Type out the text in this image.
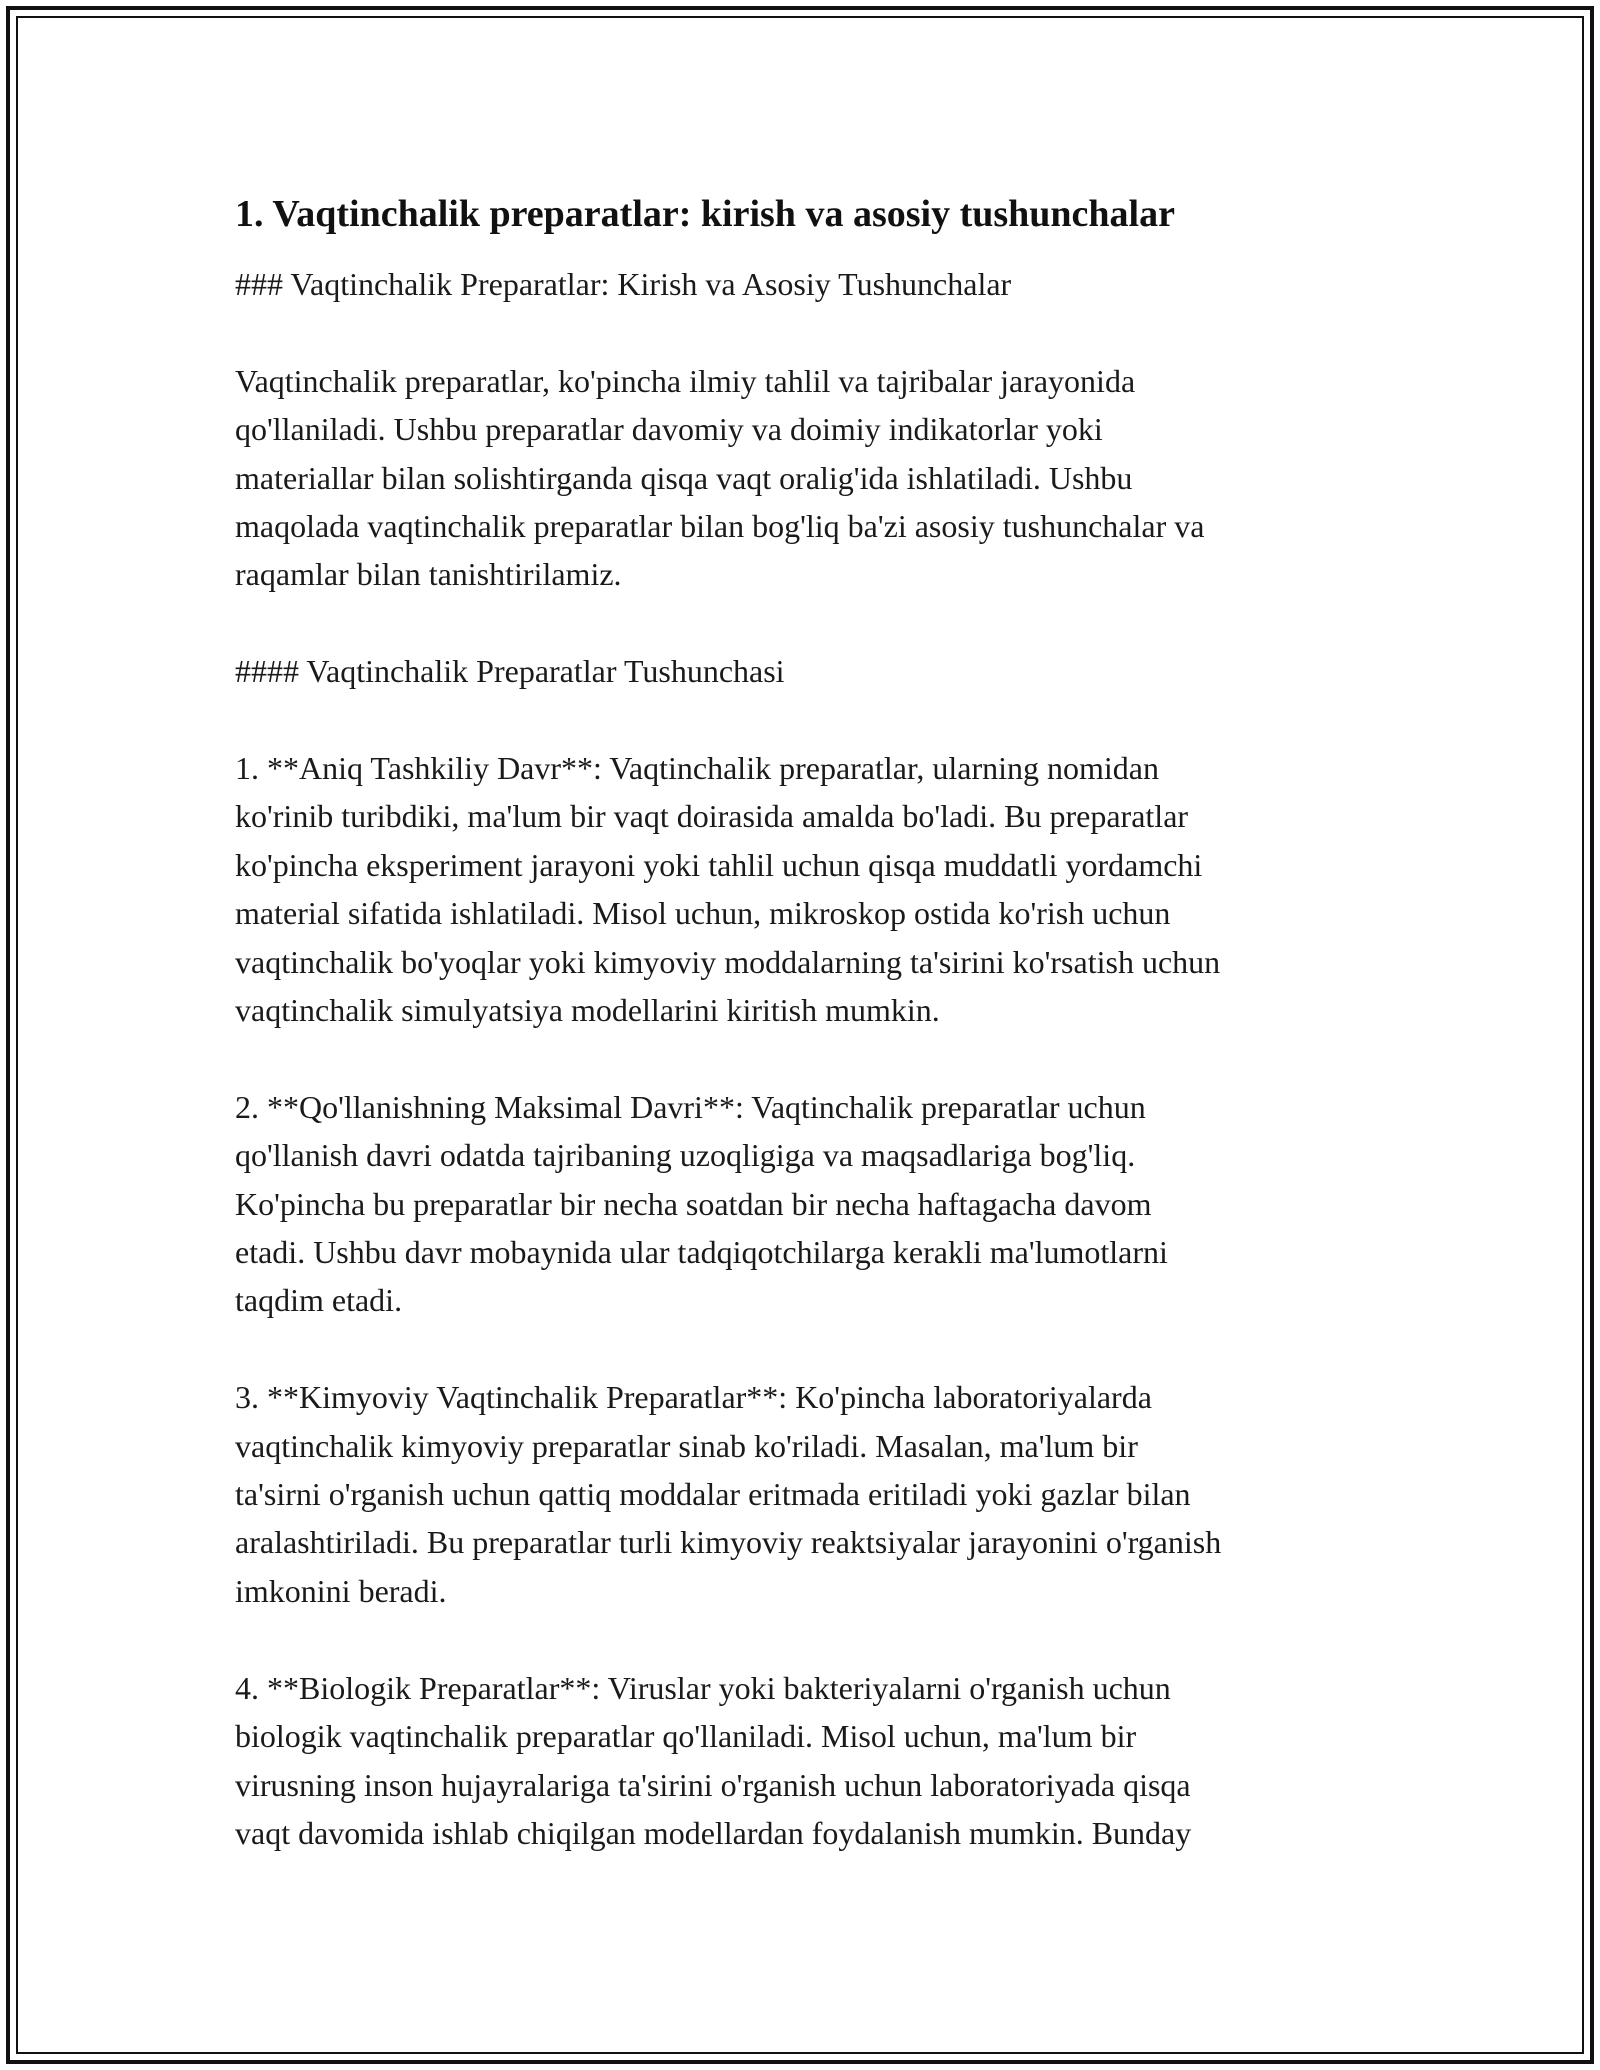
1. Vaqtinchalik preparatlar: kirish va asosiy tushunchalar

### Vaqtinchalik Preparatlar: Kirish va Asosiy Tushunchalar

Vaqtinchalik preparatlar, ko'pincha ilmiy tahlil va tajribalar jarayonida
qo'llaniladi. Ushbu preparatlar davomiy va doimiy indikatorlar yoki
materiallar bilan solishtirganda qisqa vaqt oralig'ida ishlatiladi. Ushbu
maqolada vaqtinchalik preparatlar bilan bog'liq ba'zi asosiy tushunchalar va
raqamlar bilan tanishtirilamiz.

#### Vaqtinchalik Preparatlar Tushunchasi

1. **Aniq Tashkiliy Davr**: Vaqtinchalik preparatlar, ularning nomidan
ko'rinib turibdiki, ma'lum bir vaqt doirasida amalda bo'ladi. Bu preparatlar
ko'pincha eksperiment jarayoni yoki tahlil uchun qisqa muddatli yordamchi
material sifatida ishlatiladi. Misol uchun, mikroskop ostida ko'rish uchun
vaqtinchalik bo'yoqlar yoki kimyoviy moddalarning ta'sirini ko'rsatish uchun
vaqtinchalik simulyatsiya modellarini kiritish mumkin.

2. **Qo'llanishning Maksimal Davri**: Vaqtinchalik preparatlar uchun
qo'llanish davri odatda tajribaning uzoqligiga va maqsadlariga bog'liq.
Ko'pincha bu preparatlar bir necha soatdan bir necha haftagacha davom
etadi. Ushbu davr mobaynida ular tadqiqotchilarga kerakli ma'lumotlarni
taqdim etadi.

3. **Kimyoviy Vaqtinchalik Preparatlar**: Ko'pincha laboratoriyalarda
vaqtinchalik kimyoviy preparatlar sinab ko'riladi. Masalan, ma'lum bir
ta'sirni o'rganish uchun qattiq moddalar eritmada eritiladi yoki gazlar bilan
aralashtiriladi. Bu preparatlar turli kimyoviy reaktsiyalar jarayonini o'rganish
imkonini beradi.

4. **Biologik Preparatlar**: Viruslar yoki bakteriyalarni o'rganish uchun
biologik vaqtinchalik preparatlar qo'llaniladi. Misol uchun, ma'lum bir
virusning inson hujayralariga ta'sirini o'rganish uchun laboratoriyada qisqa
vaqt davomida ishlab chiqilgan modellardan foydalanish mumkin. Bunday
